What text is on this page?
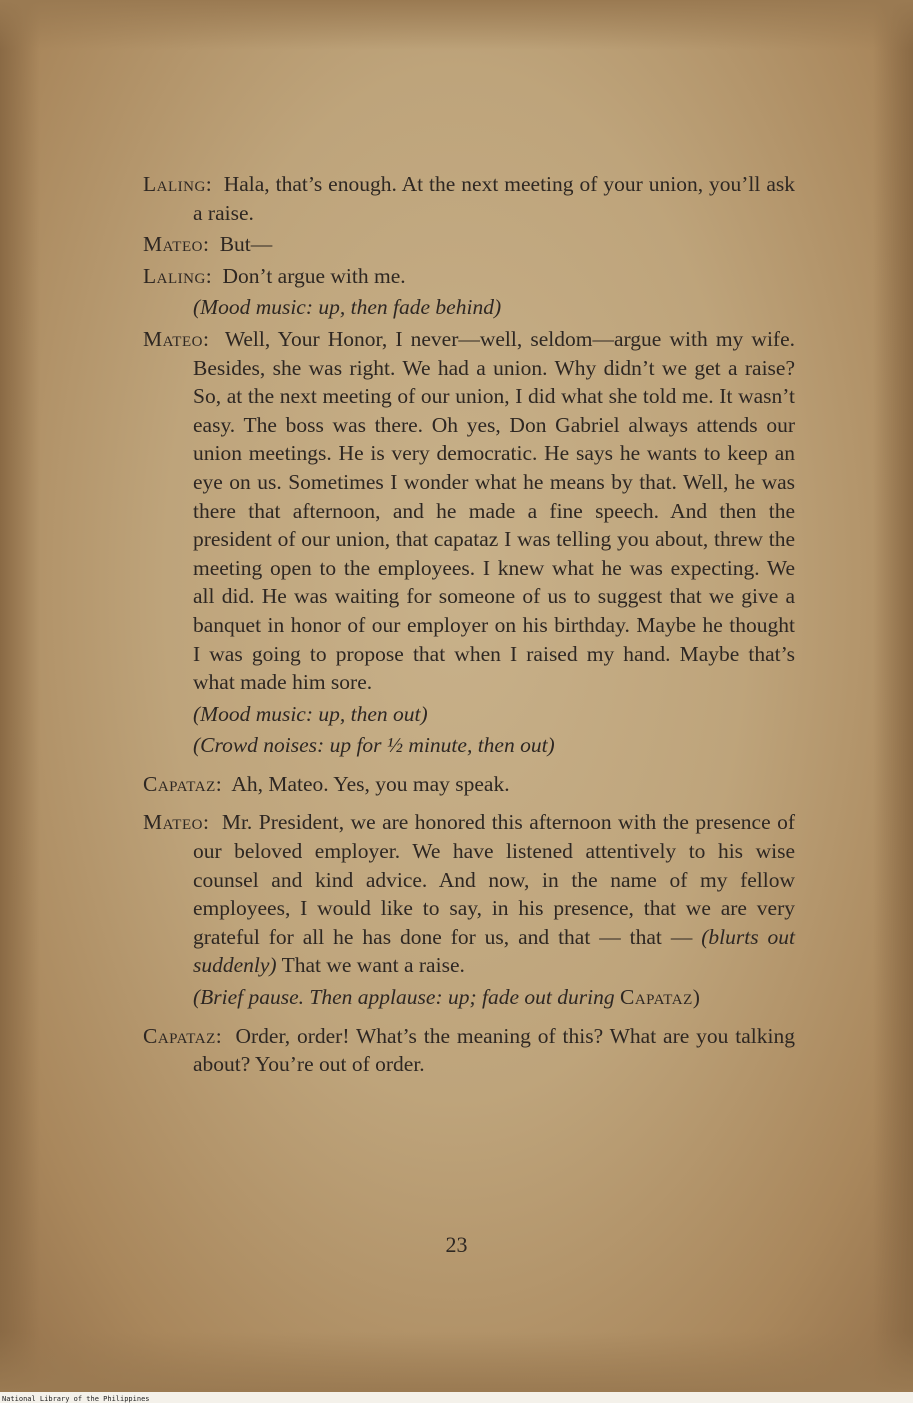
Laling:  Hala, that’s enough. At the next meeting of your union, you’ll ask a raise.

Mateo:  But—

Laling:  Don’t argue with me.

(Mood music: up, then fade behind)

Mateo:  Well, Your Honor, I never—well, seldom—argue with my wife. Besides, she was right. We had a union. Why didn’t we get a raise? So, at the next meeting of our union, I did what she told me. It wasn’t easy. The boss was there. Oh yes, Don Gabriel always attends our union meetings. He is very democratic. He says he wants to keep an eye on us. Sometimes I wonder what he means by that. Well, he was there that afternoon, and he made a fine speech. And then the president of our union, that capataz I was telling you about, threw the meeting open to the employees. I knew what he was expecting. We all did. He was waiting for someone of us to suggest that we give a banquet in honor of our employer on his birthday. Maybe he thought I was going to propose that when I raised my hand. Maybe that’s what made him sore.

(Mood music: up, then out)

(Crowd noises: up for ½ minute, then out)

Capataz:  Ah, Mateo. Yes, you may speak.

Mateo:  Mr. President, we are honored this afternoon with the presence of our beloved employer. We have listened attentively to his wise counsel and kind advice. And now, in the name of my fellow employees, I would like to say, in his presence, that we are very grateful for all he has done for us, and that — that — (blurts out suddenly) That we want a raise.

(Brief pause. Then applause: up; fade out during Capataz)

Capataz:  Order, order! What’s the meaning of this? What are you talking about? You’re out of order.

23
National Library of the Philippines
